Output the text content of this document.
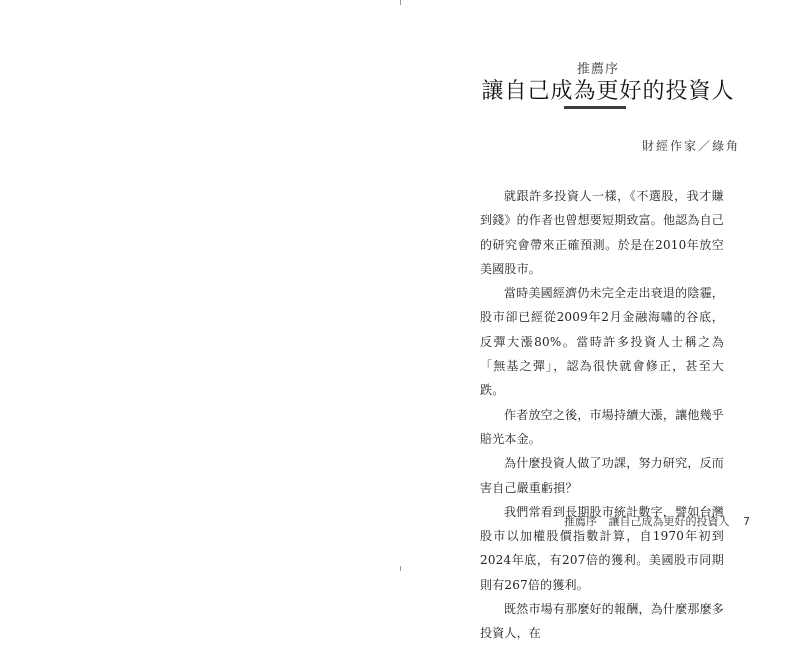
推薦序
讓自己成為更好的投資人
財經作家／綠角

就跟許多投資人一樣，《不選股，我才賺到錢》的作者也曾想要短期致富。他認為自己的研究會帶來正確預測。於是在2010年放空美國股市。

當時美國經濟仍未完全走出衰退的陰霾，股市卻已經從2009年2月金融海嘯的谷底，反彈大漲80%。當時許多投資人士稱之為「無基之彈」，認為很快就會修正，甚至大跌。

作者放空之後，市場持續大漲，讓他幾乎賠光本金。

為什麼投資人做了功課，努力研究，反而害自己嚴重虧損？

我們常看到長期股市統計數字，譬如台灣股市以加權股價指數計算，自1970年初到2024年底，有207倍的獲利。美國股市同期則有267倍的獲利。

既然市場有那麼好的報酬，為什麼那麼多投資人，在

推薦序 讓自己成為更好的投資人 7
